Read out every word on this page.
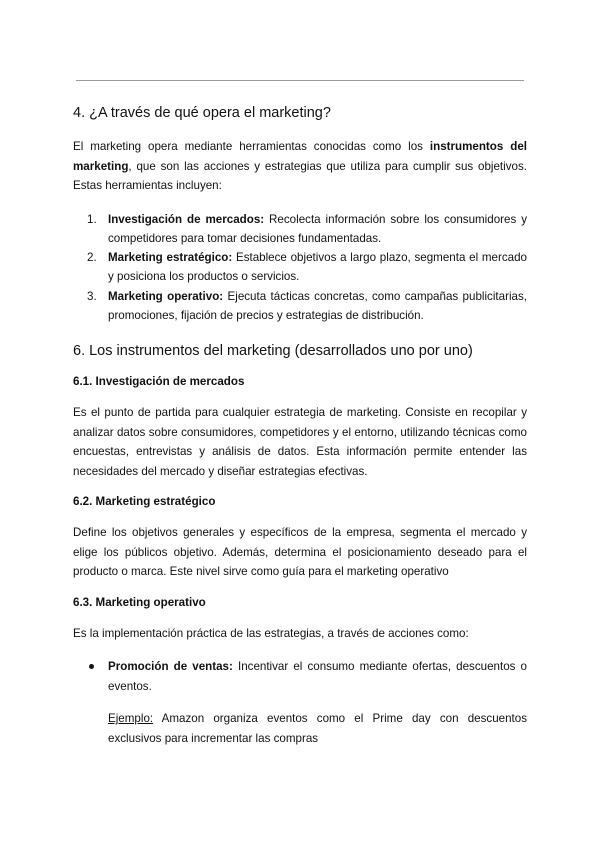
4. ¿A través de qué opera el marketing?

El marketing opera mediante herramientas conocidas como los instrumentos del marketing, que son las acciones y estrategias que utiliza para cumplir sus objetivos. Estas herramientas incluyen:

1. Investigación de mercados: Recolecta información sobre los consumidores y competidores para tomar decisiones fundamentadas.
2. Marketing estratégico: Establece objetivos a largo plazo, segmenta el mercado y posiciona los productos o servicios.
3. Marketing operativo: Ejecuta tácticas concretas, como campañas publicitarias, promociones, fijación de precios y estrategias de distribución.
6. Los instrumentos del marketing (desarrollados uno por uno)
6.1. Investigación de mercados

Es el punto de partida para cualquier estrategia de marketing. Consiste en recopilar y analizar datos sobre consumidores, competidores y el entorno, utilizando técnicas como encuestas, entrevistas y análisis de datos. Esta información permite entender las necesidades del mercado y diseñar estrategias efectivas.

6.2. Marketing estratégico

Define los objetivos generales y específicos de la empresa, segmenta el mercado y elige los públicos objetivo. Además, determina el posicionamiento deseado para el producto o marca. Este nivel sirve como guía para el marketing operativo

6.3. Marketing operativo

Es la implementación práctica de las estrategias, a través de acciones como:

Promoción de ventas: Incentivar el consumo mediante ofertas, descuentos o eventos.

Ejemplo: Amazon organiza eventos como el Prime day con descuentos exclusivos para incrementar las compras
